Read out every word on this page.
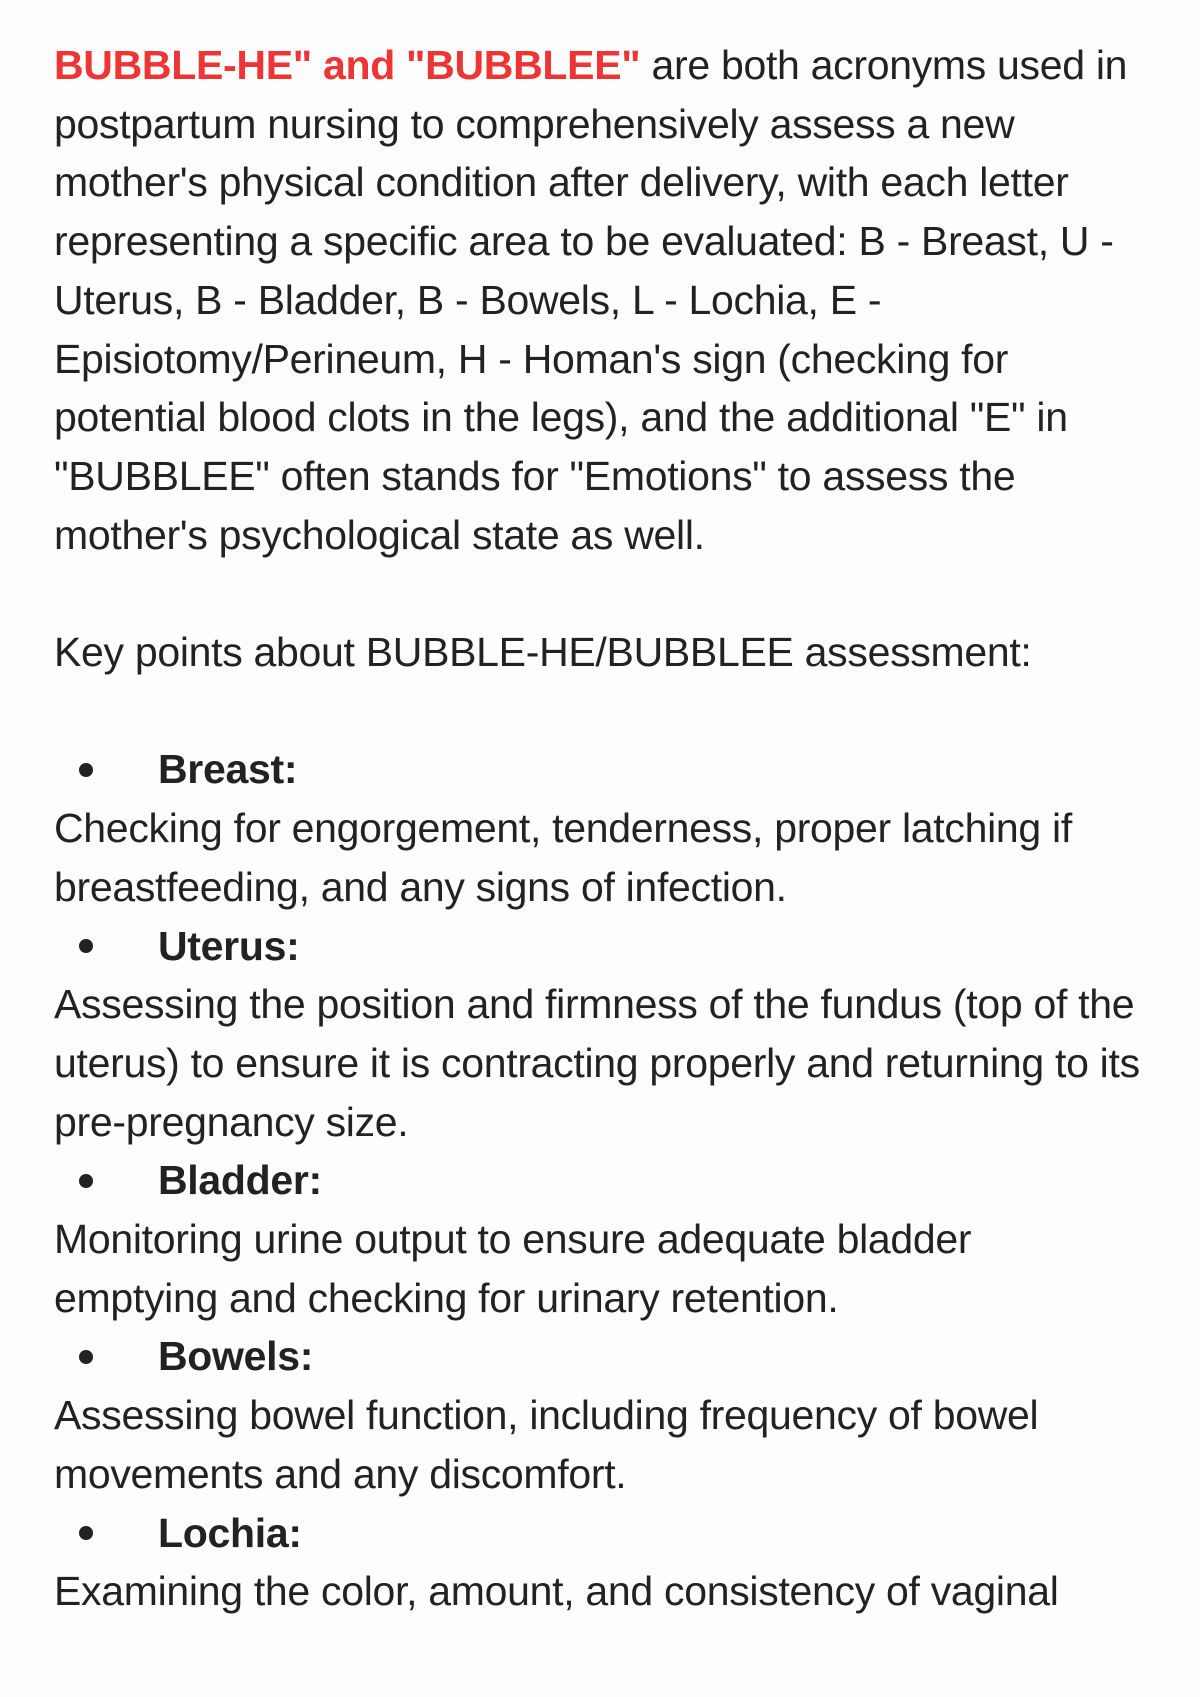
BUBBLE-HE" and "BUBBLEE" are both acronyms used in postpartum nursing to comprehensively assess a new mother's physical condition after delivery, with each letter representing a specific area to be evaluated: B - Breast, U - Uterus, B - Bladder, B - Bowels, L - Lochia, E - Episiotomy/Perineum, H - Homan's sign (checking for potential blood clots in the legs), and the additional "E" in "BUBBLEE" often stands for "Emotions" to assess the mother's psychological state as well.

Key points about BUBBLE-HE/BUBBLEE assessment:

Breast:

Checking for engorgement, tenderness, proper latching if breastfeeding, and any signs of infection.

Uterus:

Assessing the position and firmness of the fundus (top of the uterus) to ensure it is contracting properly and returning to its pre-pregnancy size.

Bladder:

Monitoring urine output to ensure adequate bladder emptying and checking for urinary retention.

Bowels:

Assessing bowel function, including frequency of bowel movements and any discomfort.

Lochia:

Examining the color, amount, and consistency of vaginal
